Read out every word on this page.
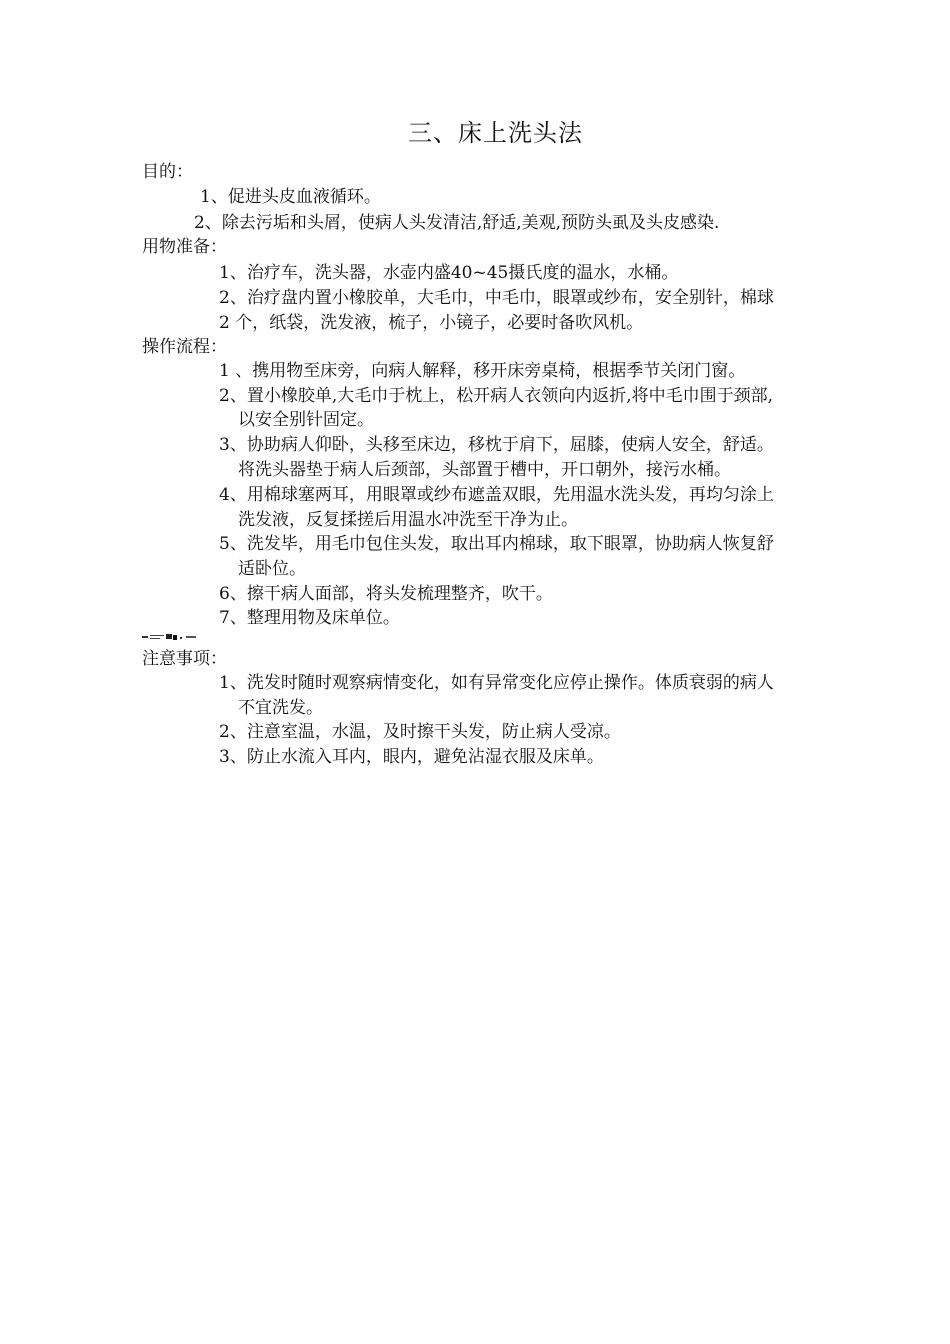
三、床上洗头法
目的：
1、促进头皮血液循环。
2、除去污垢和头屑，使病人头发清洁,舒适,美观,预防头虱及头皮感染.
用物准备：
1、治疗车，洗头器，水壶内盛40~45摄氏度的温水，水桶。
2、治疗盘内置小橡胶单，大毛巾，中毛巾，眼罩或纱布，安全别针，棉球
2 个，纸袋，洗发液，梳子，小镜子，必要时备吹风机。
操作流程：
1 、携用物至床旁，向病人解释，移开床旁桌椅，根据季节关闭门窗。
2、置小橡胶单,大毛巾于枕上，松开病人衣领向内返折,将中毛巾围于颈部,
以安全别针固定。
3、协助病人仰卧，头移至床边，移枕于肩下，屈膝，使病人安全，舒适。
将洗头器垫于病人后颈部，头部置于槽中，开口朝外，接污水桶。
4、用棉球塞两耳，用眼罩或纱布遮盖双眼，先用温水洗头发，再均匀涂上
洗发液，反复揉搓后用温水冲洗至干净为止。
5、洗发毕，用毛巾包住头发，取出耳内棉球，取下眼罩，协助病人恢复舒
适卧位。
6、擦干病人面部，将头发梳理整齐，吹干。
7、整理用物及床单位。
注意事项：
1、洗发时随时观察病情变化，如有异常变化应停止操作。体质衰弱的病人
不宜洗发。
2、注意室温，水温，及时擦干头发，防止病人受凉。
3、防止水流入耳内，眼内，避免沾湿衣服及床单。
